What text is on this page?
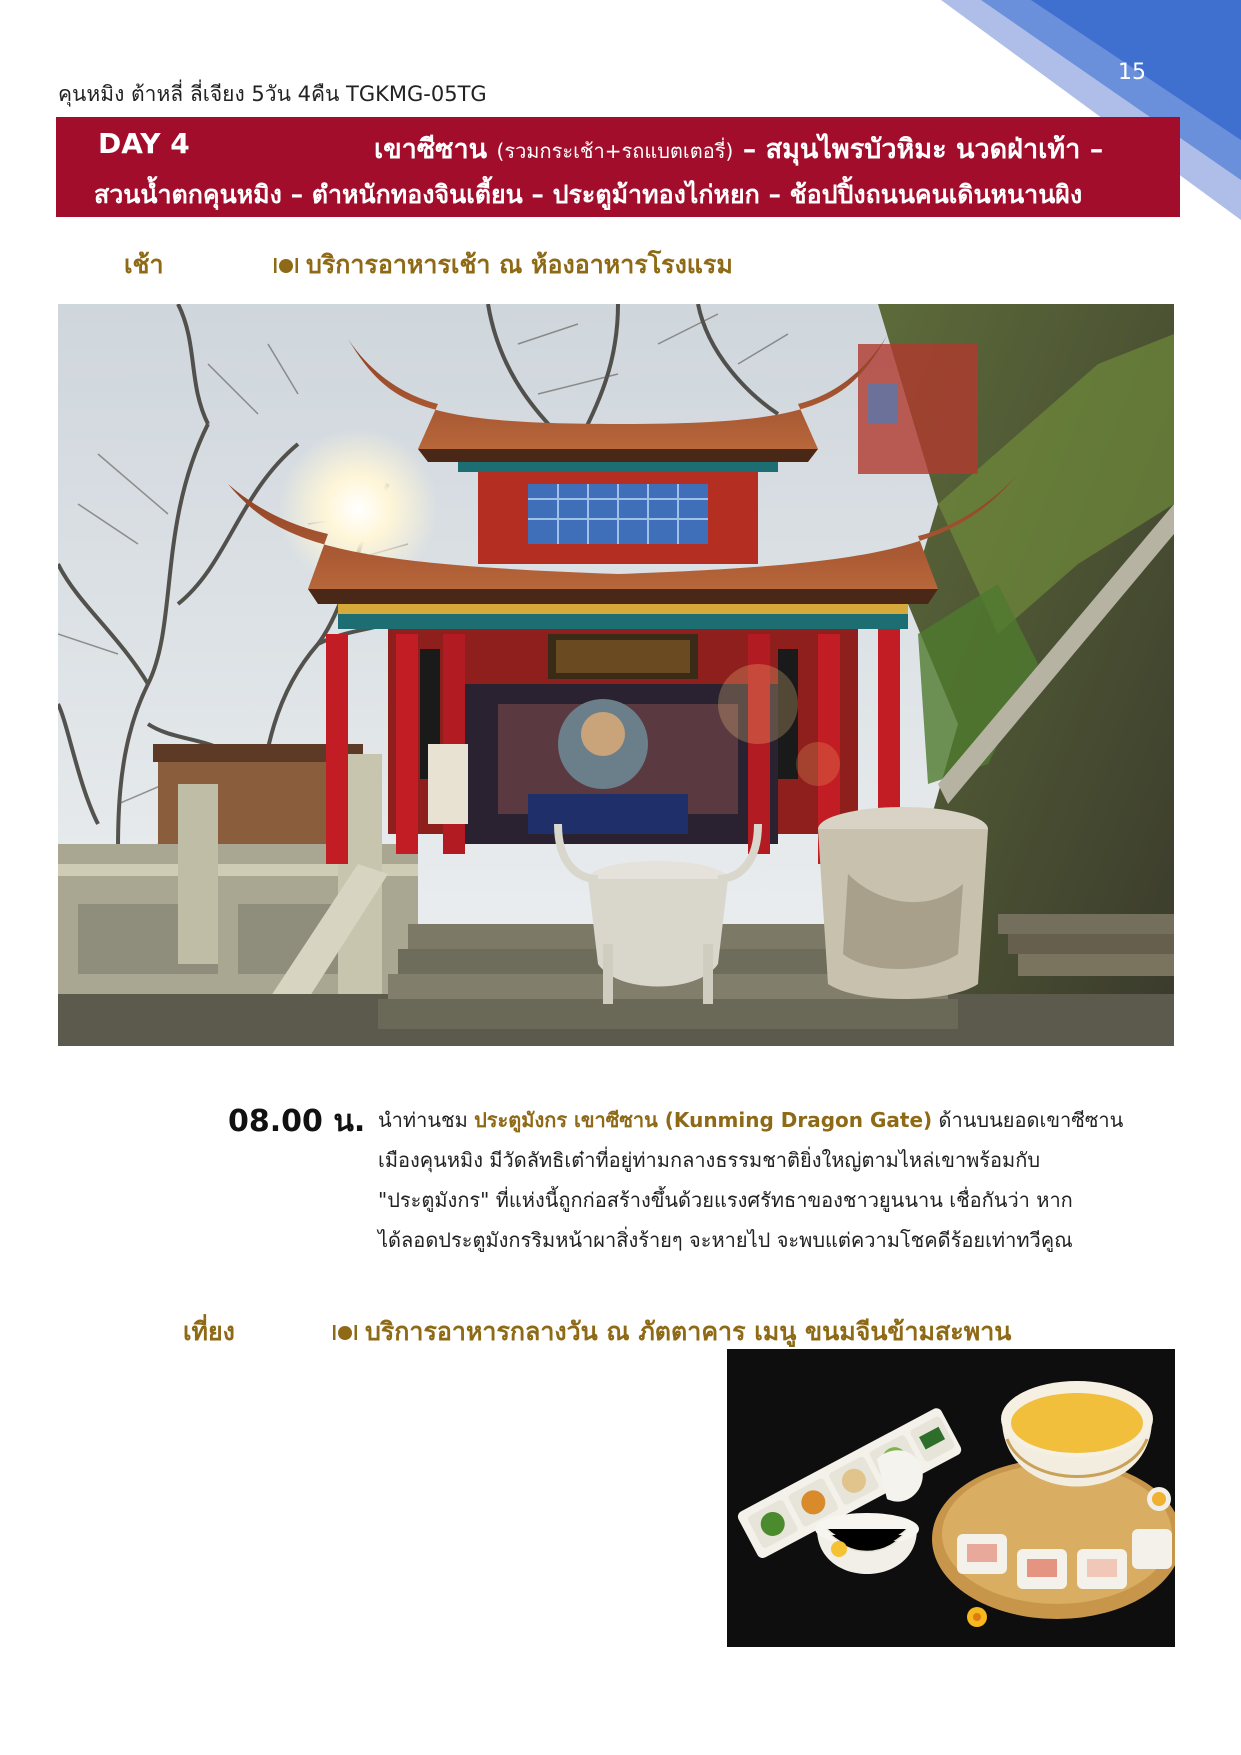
15
คุนหมิง ต้าหลี่ ลี่เจียง 5วัน 4คืน TGKMG-05TG
DAY 4	เขาซีซาน (รวมกระเช้า+รถแบตเตอรี่) – สมุนไพรบัวหิมะ นวดฝ่าเท้า –
สวนน้ำตกคุนหมิง – ตำหนักทองจินเตี้ยน – ประตูม้าทองไก่หยก – ช้อปปิ้งถนนคนเดินหนานผิง
เช้า	บริการอาหารเช้า ณ ห้องอาหารโรงแรม
08.00 น. นำท่านชม ประตูมังกร เขาซีซาน (Kunming Dragon Gate) ด้านบนยอดเขาซีซาน
เมืองคุนหมิง มีวัดลัทธิเต๋าที่อยู่ท่ามกลางธรรมชาติยิ่งใหญ่ตามไหล่เขาพร้อมกับ
"ประตูมังกร" ที่แห่งนี้ถูกก่อสร้างขึ้นด้วยแรงศรัทธาของชาวยูนนาน เชื่อกันว่า หาก
ได้ลอดประตูมังกรริมหน้าผาสิ่งร้ายๆ จะหายไป จะพบแต่ความโชคดีร้อยเท่าทวีคูณ
เที่ยง	บริการอาหารกลางวัน ณ ภัตตาคาร เมนู ขนมจีนข้ามสะพาน
